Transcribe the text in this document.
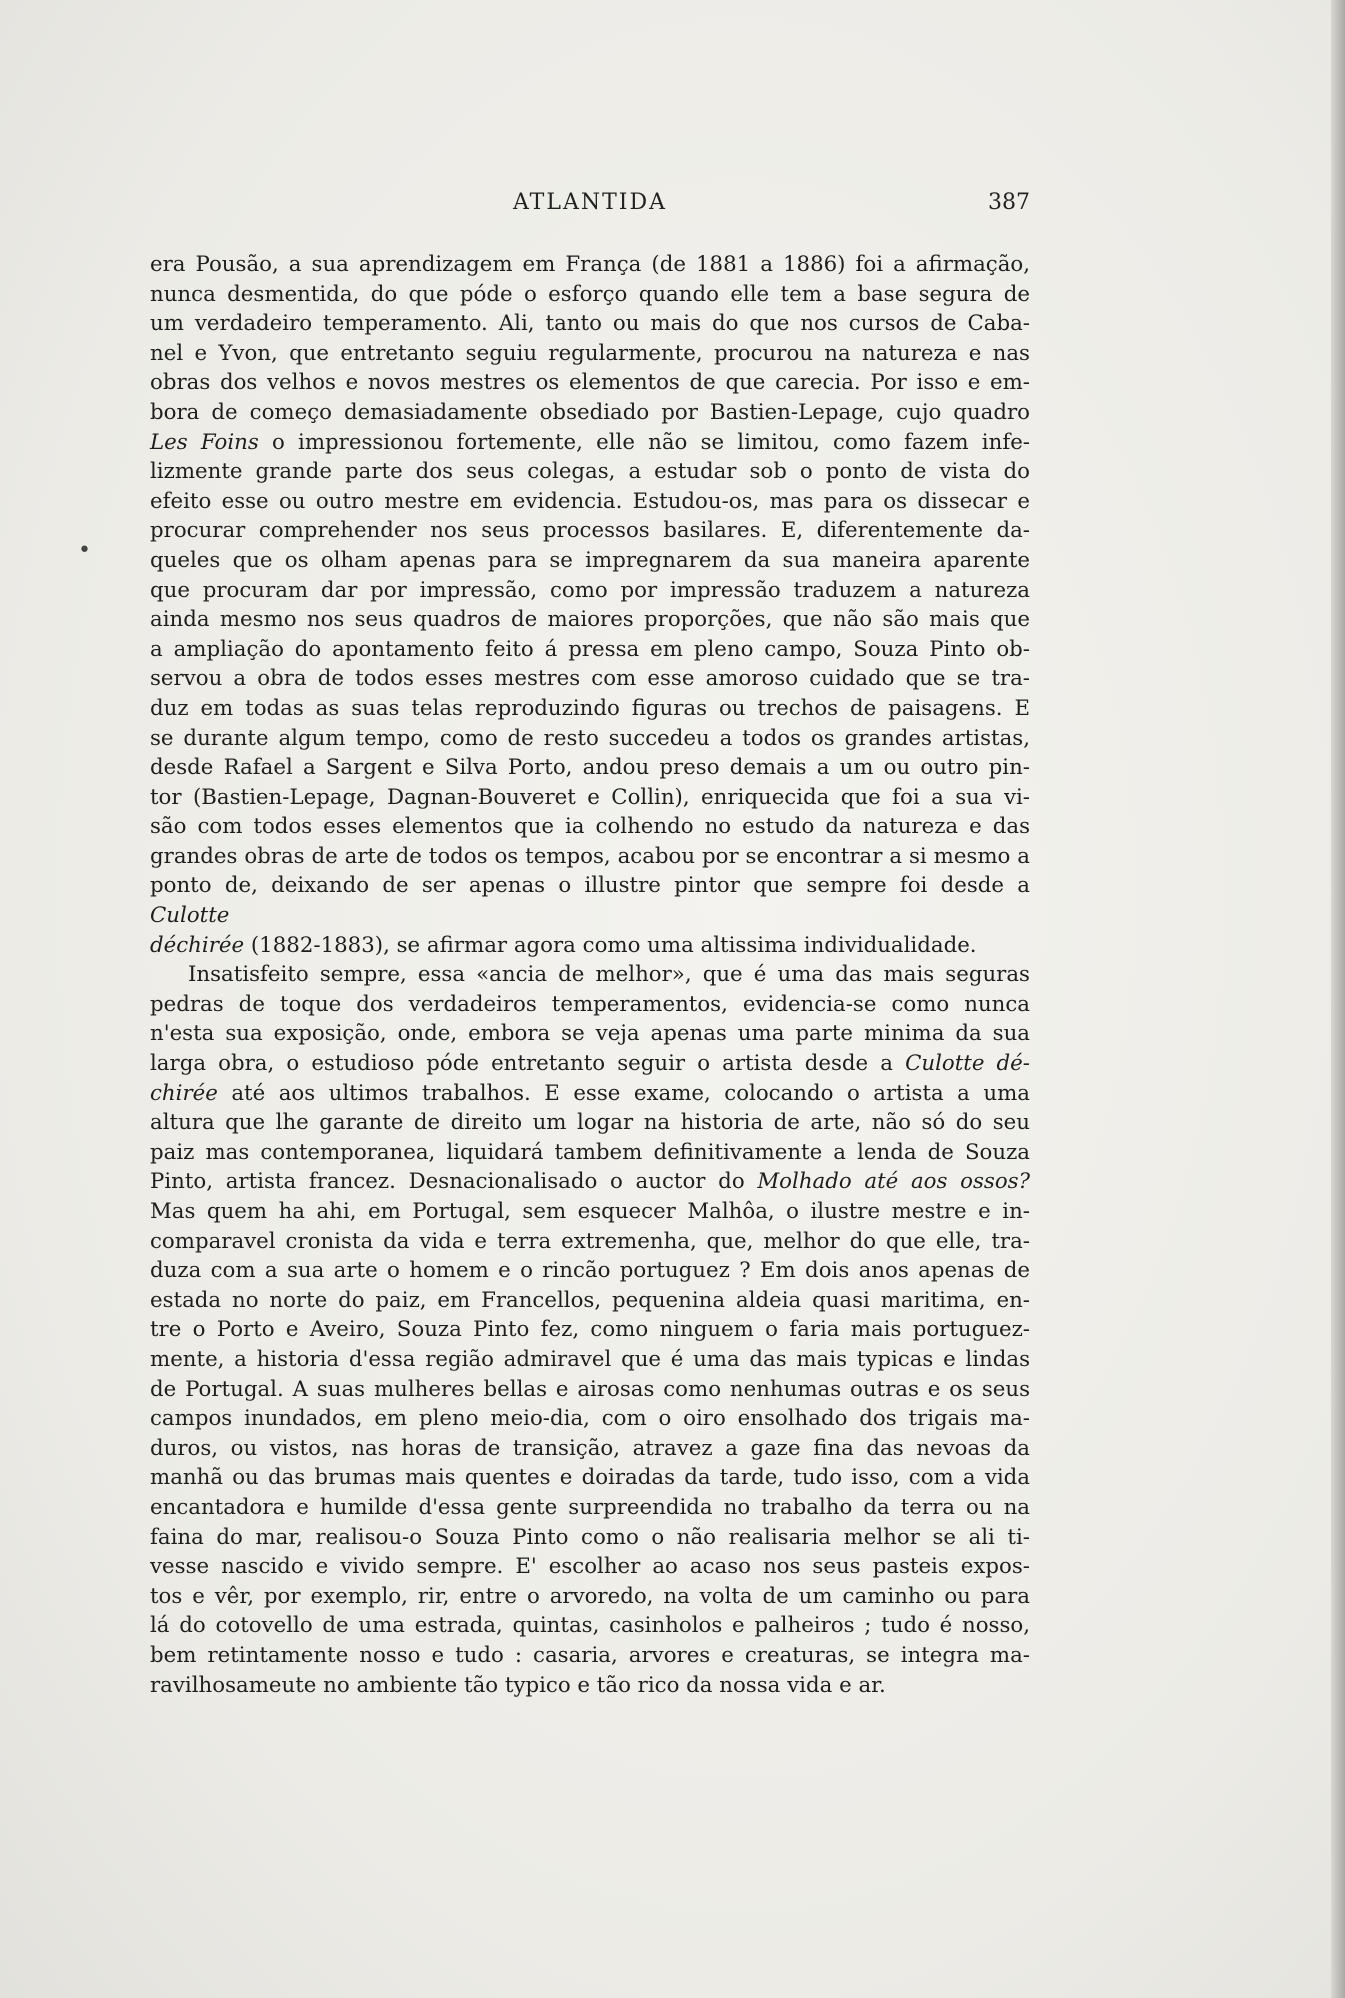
•
ATLANTIDA	387

era Pousão, a sua aprendizagem em França (de 1881 a 1886) foi a afirmação,

nunca desmentida, do que póde o esforço quando elle tem a base segura de

um verdadeiro temperamento. Ali, tanto ou mais do que nos cursos de Caba-

nel e Yvon, que entretanto seguiu regularmente, procurou na natureza e nas

obras dos velhos e novos mestres os elementos de que carecia. Por isso e em-

bora de começo demasiadamente obsediado por Bastien-Lepage, cujo quadro

Les Foins o impressionou fortemente, elle não se limitou, como fazem infe-

lizmente grande parte dos seus colegas, a estudar sob o ponto de vista do

efeito esse ou outro mestre em evidencia. Estudou-os, mas para os dissecar e

procurar comprehender nos seus processos basilares. E, diferentemente da-

queles que os olham apenas para se impregnarem da sua maneira aparente

que procuram dar por impressão, como por impressão traduzem a natureza

ainda mesmo nos seus quadros de maiores proporções, que não são mais que

a ampliação do apontamento feito á pressa em pleno campo, Souza Pinto ob-

servou a obra de todos esses mestres com esse amoroso cuidado que se tra-

duz em todas as suas telas reproduzindo figuras ou trechos de paisagens. E

se durante algum tempo, como de resto succedeu a todos os grandes artistas,

desde Rafael a Sargent e Silva Porto, andou preso demais a um ou outro pin-

tor (Bastien-Lepage, Dagnan-Bouveret e Collin), enriquecida que foi a sua vi-

são com todos esses elementos que ia colhendo no estudo da natureza e das

grandes obras de arte de todos os tempos, acabou por se encontrar a si mesmo a

ponto de, deixando de ser apenas o illustre pintor que sempre foi desde a Culotte

déchirée (1882-1883), se afirmar agora como uma altissima individualidade.

Insatisfeito sempre, essa «ancia de melhor», que é uma das mais seguras

pedras de toque dos verdadeiros temperamentos, evidencia-se como nunca

n'esta sua exposição, onde, embora se veja apenas uma parte minima da sua

larga obra, o estudioso póde entretanto seguir o artista desde a Culotte dé-

chirée até aos ultimos trabalhos. E esse exame, colocando o artista a uma

altura que lhe garante de direito um logar na historia de arte, não só do seu

paiz mas contemporanea, liquidará tambem definitivamente a lenda de Souza

Pinto, artista francez. Desnacionalisado o auctor do Molhado até aos ossos?

Mas quem ha ahi, em Portugal, sem esquecer Malhôa, o ilustre mestre e in-

comparavel cronista da vida e terra extremenha, que, melhor do que elle, tra-

duza com a sua arte o homem e o rincão portuguez ? Em dois anos apenas de

estada no norte do paiz, em Francellos, pequenina aldeia quasi maritima, en-

tre o Porto e Aveiro, Souza Pinto fez, como ninguem o faria mais portuguez-

mente, a historia d'essa região admiravel que é uma das mais typicas e lindas

de Portugal. A suas mulheres bellas e airosas como nenhumas outras e os seus

campos inundados, em pleno meio-dia, com o oiro ensolhado dos trigais ma-

duros, ou vistos, nas horas de transição, atravez a gaze fina das nevoas da

manhã ou das brumas mais quentes e doiradas da tarde, tudo isso, com a vida

encantadora e humilde d'essa gente surpreendida no trabalho da terra ou na

faina do mar, realisou-o Souza Pinto como o não realisaria melhor se ali ti-

vesse nascido e vivido sempre. E' escolher ao acaso nos seus pasteis expos-

tos e vêr, por exemplo, rir, entre o arvoredo, na volta de um caminho ou para

lá do cotovello de uma estrada, quintas, casinholos e palheiros ; tudo é nosso,

bem retintamente nosso e tudo : casaria, arvores e creaturas, se integra ma-

ravilhosameute no ambiente tão typico e tão rico da nossa vida e ar.
